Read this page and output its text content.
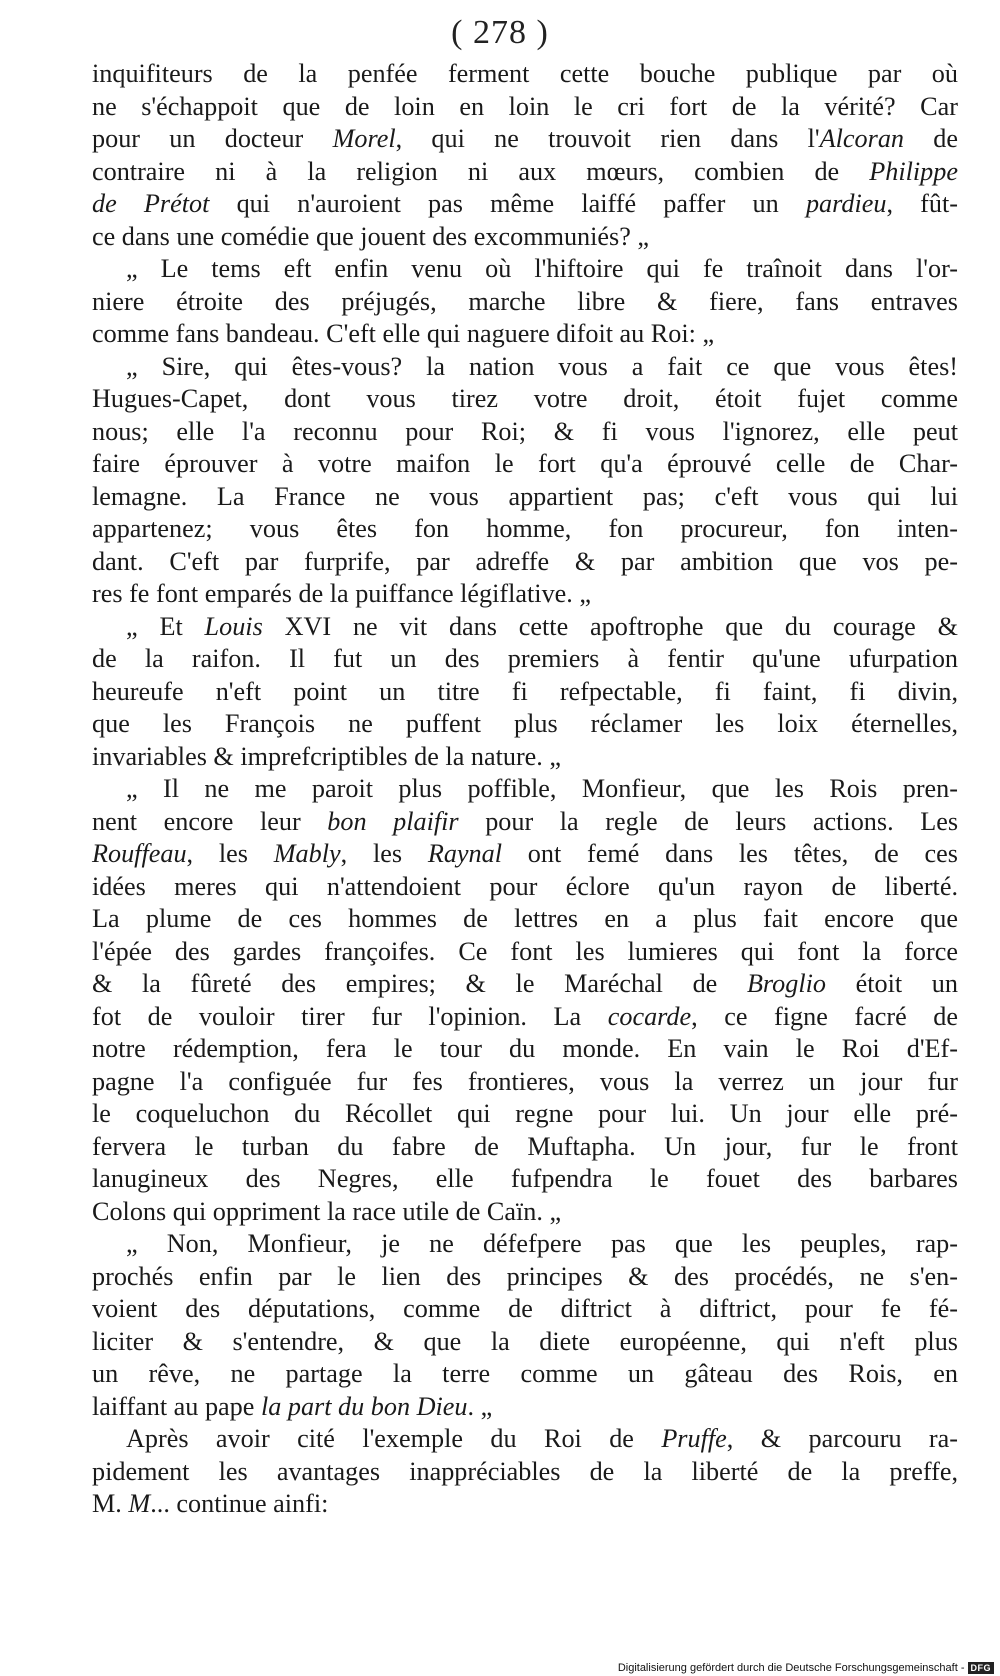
( 278 )
inquifiteurs de la penfée ferment cette bouche publique par où
ne s'échappoit que de loin en loin le cri fort de la vérité? Car
pour un docteur Morel, qui ne trouvoit rien dans l'Alcoran de
contraire ni à la religion ni aux mœurs, combien de Philippe
de Prétot qui n'auroient pas même laiffé paffer un pardieu, fût-
ce dans une comédie que jouent des excommuniés? „
„ Le tems eft enfin venu où l'hiftoire qui fe traînoit dans l'or-
niere étroite des préjugés, marche libre & fiere, fans entraves
comme fans bandeau. C'eft elle qui naguere difoit au Roi: „
„ Sire, qui êtes-vous? la nation vous a fait ce que vous êtes!
Hugues-Capet, dont vous tirez votre droit, étoit fujet comme
nous; elle l'a reconnu pour Roi; & fi vous l'ignorez, elle peut
faire éprouver à votre maifon le fort qu'a éprouvé celle de Char-
lemagne. La France ne vous appartient pas; c'eft vous qui lui
appartenez; vous êtes fon homme, fon procureur, fon inten-
dant. C'eft par furprife, par adreffe & par ambition que vos pe-
res fe font emparés de la puiffance légiflative. „
„ Et Louis XVI ne vit dans cette apoftrophe que du courage &
de la raifon. Il fut un des premiers à fentir qu'une ufurpation
heureufe n'eft point un titre fi refpectable, fi faint, fi divin,
que les François ne puffent plus réclamer les loix éternelles,
invariables & imprefcriptibles de la nature. „
„ Il ne me paroit plus poffible, Monfieur, que les Rois pren-
nent encore leur bon plaifir pour la regle de leurs actions. Les
Rouffeau, les Mably, les Raynal ont femé dans les têtes, de ces
idées meres qui n'attendoient pour éclore qu'un rayon de liberté.
La plume de ces hommes de lettres en a plus fait encore que
l'épée des gardes françoifes. Ce font les lumieres qui font la force
& la fûreté des empires; & le Maréchal de Broglio étoit un
fot de vouloir tirer fur l'opinion. La cocarde, ce figne facré de
notre rédemption, fera le tour du monde. En vain le Roi d'Ef-
pagne l'a configuée fur fes frontieres, vous la verrez un jour fur
le coqueluchon du Récollet qui regne pour lui. Un jour elle pré-
fervera le turban du fabre de Muftapha. Un jour, fur le front
lanugineux des Negres, elle fufpendra le fouet des barbares
Colons qui oppriment la race utile de Caïn. „
„ Non, Monfieur, je ne défefpere pas que les peuples, rap-
prochés enfin par le lien des principes & des procédés, ne s'en-
voient des députations, comme de diftrict à diftrict, pour fe fé-
liciter & s'entendre, & que la diete européenne, qui n'eft plus
un rêve, ne partage la terre comme un gâteau des Rois, en
laiffant au pape la part du bon Dieu. „
Après avoir cité l'exemple du Roi de Pruffe, & parcouru ra-
pidement les avantages inappréciables de la liberté de la preffe,
M. M... continue ainfi:
Digitalisierung gefördert durch die Deutsche Forschungsgemeinschaft - DFG
